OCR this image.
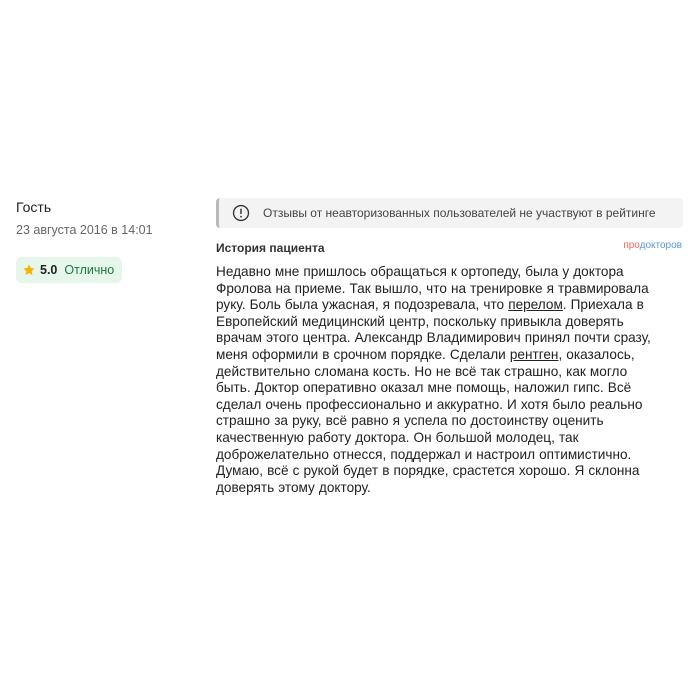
Гость
23 августа 2016 в 14:01
5.0 Отлично
Отзывы от неавторизованных пользователей не участвуют в рейтинге
История пациента	продокторов
Недавно мне пришлось обращаться к ортопеду, была у доктора
Фролова на приеме. Так вышло, что на тренировке я травмировала
руку. Боль была ужасная, я подозревала, что перелом. Приехала в
Европейский медицинский центр, поскольку привыкла доверять
врачам этого центра. Александр Владимирович принял почти сразу,
меня оформили в срочном порядке. Сделали рентген, оказалось,
действительно сломана кость. Но не всё так страшно, как могло
быть. Доктор оперативно оказал мне помощь, наложил гипс. Всё
сделал очень профессионально и аккуратно. И хотя было реально
страшно за руку, всё равно я успела по достоинству оценить
качественную работу доктора. Он большой молодец, так
доброжелательно отнесся, поддержал и настроил оптимистично.
Думаю, всё с рукой будет в порядке, срастется хорошо. Я склонна
доверять этому доктору.
